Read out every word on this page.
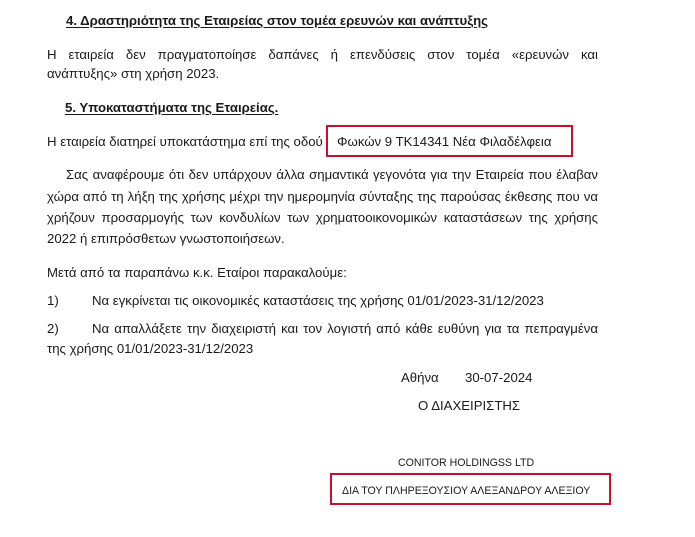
4. Δραστηριότητα της Εταιρείας στον τομέα ερευνών και ανάπτυξης
Η εταιρεία δεν πραγματοποίησε δαπάνες ή επενδύσεις στον τομέα «ερευνών και
ανάπτυξης» στη χρήση 2023.
5. Υποκαταστήματα της Εταιρείας.
Η εταιρεία διατηρεί υποκατάστημα επί της οδού Φωκών 9 ΤΚ14341 Νέα Φιλαδέλφεια
Σας αναφέρουμε ότι δεν υπάρχουν άλλα σημαντικά γεγονότα για την Εταιρεία που έλαβαν
χώρα από τη λήξη της χρήσης μέχρι την ημερομηνία σύνταξης της παρούσας έκθεσης που να
χρήζουν προσαρμογής των κονδυλίων των χρηματοοικονομικών καταστάσεων της χρήσης
2022 ή επιπρόσθετων γνωστοποιήσεων.
Μετά από τα παραπάνω κ.κ. Εταίροι παρακαλούμε:
1)	Να εγκρίνεται τις οικονομικές καταστάσεις της χρήσης 01/01/2023-31/12/2023
2)	Να απαλλάξετε την διαχειριστή και τον λογιστή από κάθε ευθύνη για τα πεπραγμένα
της χρήσης 01/01/2023-31/12/2023
Αθήνα 30-07-2024
Ο ΔΙΑΧΕΙΡΙΣΤΗΣ
CONITOR HOLDINGSS LTD
ΔΙΑ ΤΟΥ ΠΛΗΡΕΞΟΥΣΙΟΥ ΑΛΕΞΑΝΔΡΟΥ ΑΛΕΞΙΟΥ
